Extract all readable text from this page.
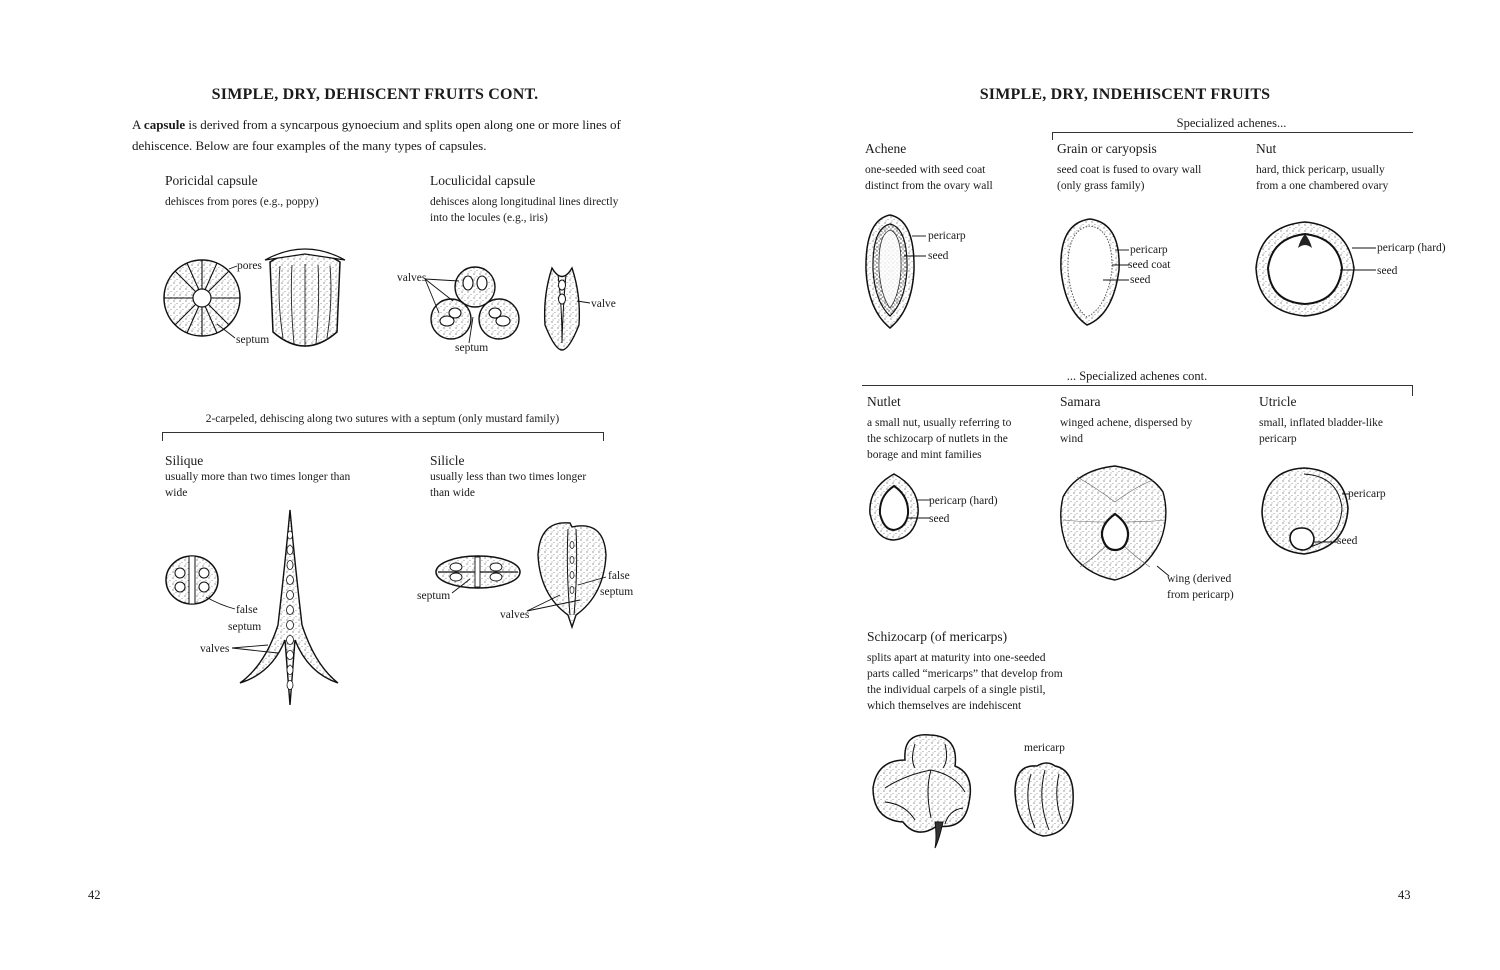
SIMPLE, DRY, DEHISCENT FRUITS CONT.
A capsule is derived from a syncarpous gynoecium and splits open along one or more lines of
dehiscence. Below are four examples of the many types of capsules.
Poricidal capsule
dehisces from pores (e.g., poppy)
pores
septum
Loculicidal capsule
dehisces along longitudinal lines directly
into the locules (e.g., iris)
valves
septum
valve
2-carpeled, dehiscing along two sutures with a septum (only mustard family)
Silique
usually more than two times longer than
wide
false
septum
valves
Silicle
usually less than two times longer
than wide
septum
valves
false
septum
42
SIMPLE, DRY, INDEHISCENT FRUITS
Specialized achenes...
Achene
one-seeded with seed coat
distinct from the ovary wall
pericarp
seed
Grain or caryopsis
seed coat is fused to ovary wall
(only grass family)
pericarp
seed coat
seed
Nut
hard, thick pericarp, usually
from a one chambered ovary
pericarp (hard)
seed
... Specialized achenes cont.
Nutlet
a small nut, usually referring to
the schizocarp of nutlets in the
borage and mint families
pericarp (hard)
seed
Samara
winged achene, dispersed by
wind
wing (derived
from pericarp)
Utricle
small, inflated bladder-like
pericarp
pericarp
seed
Schizocarp (of mericarps)
splits apart at maturity into one-seeded
parts called “mericarps” that develop from
the individual carpels of a single pistil,
which themselves are indehiscent
mericarp
43
